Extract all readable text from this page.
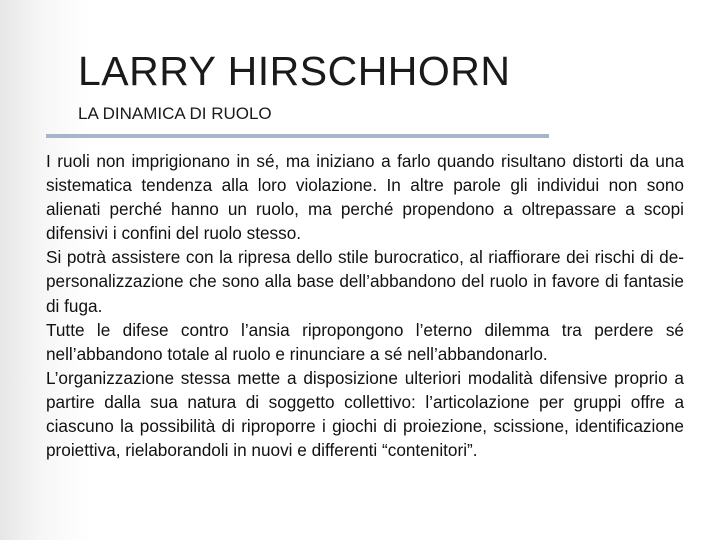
LARRY HIRSCHHORN
LA DINAMICA DI RUOLO

I ruoli non imprigionano in sé, ma iniziano a farlo quando risultano distorti da una sistematica tendenza alla loro violazione. In altre parole gli individui non sono alienati perché hanno un ruolo, ma perché propendono a oltrepassare a scopi difensivi i confini del ruolo stesso.

Si potrà assistere con la ripresa dello stile burocratico, al riaffiorare dei rischi di de-personalizzazione che sono alla base dell’abbandono del ruolo in favore di fantasie di fuga.

Tutte le difese contro l’ansia ripropongono l’eterno dilemma tra perdere sé nell’abbandono totale al ruolo e rinunciare a sé nell’abbandonarlo.

L’organizzazione stessa mette a disposizione ulteriori modalità difensive proprio a partire dalla sua natura di soggetto collettivo: l’articolazione per gruppi offre a ciascuno la possibilità di riproporre i giochi di proiezione, scissione, identificazione proiettiva, rielaborandoli in nuovi e differenti “contenitori”.
